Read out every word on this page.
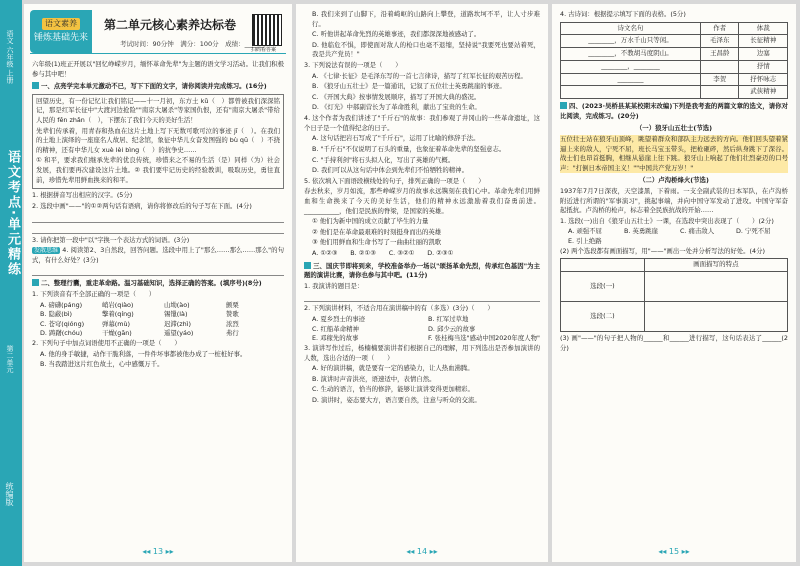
语文 六年级 上册
语文考点·单元精练
第二单元
统编版
语文素养
锤炼基础先来
第二单元核心素养达标卷
扫码看答案
考试时间：90分钟　满分：100分　成绩：______

六年级(1)班正开展以"回忆峥嵘岁月，缅怀革命先辈"为主题的语文学习活动。让我们积极参与其中吧！

一、点亮学完本单元激动不已，写下下面的文字，请你阅读并完成练习。(16分)

回望历史，有一份记忆让我们铭记——十一月初，东方土 kǔ（　）都曾被我们深深铭记，那是红军长征中"大渡河边抢险""南京大屠杀"等家国仇恨，还有"南京大屠杀"带给人民的 fěn zhǎn（　），下摆东了我们今天的美好生活！

先辈们传承着，用青春和热血在这片土地上写下无数可歌可泣的事迹 jī（　）。在我们的土地上演绎的一座座名人故居、纪念馆，象征中华儿女奋发图强的 bù qū（　）不挠的精神，还有中华儿女 xuè lèi bìng（　）的抗争史……

① 和平，要求我们继承先辈的优良传统，珍惜来之不易的生活（是）同样（为）社会发展，我们要再次建设这片土地。② 我们要牢记历史的经验教训，吸取历史，勇往直前，珍惜先辈用鲜血换来的和平。

1. 根据拼音写出相应的汉字。(5分)

2. 选段中画"——"的①②两句话有语病，请你将修改后的句子写在下面。(4分)

3. 请你把第一段中"以"字换一个表达方式的词语。(3分)

发散思维 4. 阅读第2、3自然段，回答问题。选段中用上了"那么……那么……那么"的句式，有什么好处？(3分)

二、整理行囊，重走革命路。温习基础知识，选择正确的答案。(填序号)(8分)

1. 下列读音有不全部正确的一项是（　　）

A. 磅礴(páng)	峭岩(qiào)	山坳(ào)	颤栗
B. 隐蔽(bì)	擎着(qíng)	锡镴(là)	赞歌
C. 苍穹(qióng)	弹幕(mù)	迟滞(zhì)	浓烈
D. 踌躇(chóu)	干燥(gān)	遥望(yáo)	弗行

2. 下列句子中加点词语使用不正确的一项是（　　）

A. 他的身手敏捷，动作干脆利落，一件件坏事都被他办成了一桩桩好事。

B. 当我踏进这片红色故土，心中感慨万千。

◂◂ 13 ▸▸

B. 我们来到了山脚下，沿着崎岖的山路向上攀登，道路坎坷不平，让人寸步难行。

C. 听他讲起革命先烈的英雄事迹，我们都深深地被感动了。

D. 他临危不惧，即使面对敌人的枪口也毫不退缩，坚持说"我要死也要站着死，我是共产党员！"

3. 下列说法有误的一项是（　　）

A. 《七律·长征》是毛泽东写的一首七言律诗，描写了红军长征的艰苦历程。

B. 《狼牙山五壮士》是一篇通讯，记叙了五位壮士英勇跳崖的事迹。

C. 《开国大典》按事情发展顺序，描写了开国大典的盛况。

D. 《灯光》中郝副营长为了革命胜利，献出了宝贵的生命。

4. 这个作者为我们讲述了"千斤石"的故事：我们参观了井冈山的一些革命遗址，这个日子是一个值得纪念的日子。

A. 这句话把岩石写成了"千斤石"，运用了比喻的修辞手法。

B. "千斤石"不仅说明了石头的重量，也象征着革命先辈的坚强意志。

C. "手持利剑"将石头拟人化，写出了英雄的气概。

D. 我们可以从这句话中体会到先辈们不怕牺牲的精神。

5. 依次填入下面语段横线处的句子，排列正确的一项是（　　）

春去秋来，岁月如流，那些峥嵘岁月的故事永远镌刻在我们心中。革命先辈们用鲜血和生命换来了今天的美好生活，他们的精神永远激励着我们奋勇前进。___________，他们是民族的脊梁，是国家的英雄。

① 他们为新中国的成立贡献了毕生的力量

② 他们是在革命最艰难的时刻挺身而出的英雄

③ 他们用鲜血和生命书写了一曲曲壮丽的凯歌

A. ①②③　　B. ②①③　　C. ③②①　　D. ②③①

三、国庆节即将到来，学校准备举办一场以"颂扬革命先烈，传承红色基因"为主题的演讲比赛，请你也参与其中吧。(11分)

1. 我演讲的题目是：

2. 下列演讲材料，不适合用在演讲稿中的有（多选）(3分)（　　）

A. 夏乡烈士的事迹	B. 红军过草地
C. 红船革命精神	D. 邱少云的故事
E. 邓稼先的故事	F. 张桂梅当选"感动中国2020年度人物"

3. 演讲写作过后，杨楠楠要演讲者们根据自己的理解，用下列选出是否参加演讲的人数，选出合适的一项（　　）

A. 好的演讲稿，就是要有一定的感染力，让人热血沸腾。

B. 演讲时声音洪亮，语速适中，表情自然。

C. 生动的语言，恰当的修辞，能够让演讲变得更加精彩。

D. 演讲时，姿态要大方，语言要自然，注意与听众的交流。

◂◂ 14 ▸▸

4. 古诗词：根据提示填写下面的表格。(5分)

诗文名句	作者	体裁
________，万水千山只等闲。	毛泽东	长征精神
________，不教胡马度阴山。	王昌龄	边塞
________，________		抒情
________	李贺	抒怀咏志
		武侠精神

四、(2023·吴桥县某某校期末改编)下列是我考查的两篇文章的选文，请你对比阅读，完成练习。(20分)

（一）狼牙山五壮士(节选)

五位壮士站在狼牙山顶峰，眺望着群众和部队主力远去的方向。他们回头望着紧逼上来的敌人，宁死不屈，班长马宝玉带头，把枪砸碎，然后纵身跳下了深谷。战士们也昂首挺胸，相继从悬崖上往下跳。狼牙山上响起了他们壮烈豪迈的口号声："打倒日本帝国主义！""中国共产党万岁！"

（二）卢沟桥烽火(节选)

1937年7月7日深夜，天空漆黑，下着雨。一支全副武装的日本军队，在卢沟桥附近进行所谓的"军事演习"，挑起事端，并向中国守军发动了进攻。中国守军奋起抵抗。卢沟桥的枪声，标志着全民族抗战的开始……

1. 选段(一)出自《狼牙山五壮士》一课，在选段中突出表现了（　　）(2分)

A. 顽强不屈	B. 英勇跳崖	C. 痛击敌人	D. 宁死不屈
E. 引上绝路

(2) 两个选段都有画面描写，用"——"画出一处并分析写法的好处。(4分)

	画面描写的特点
选段(一)	
选段(二)	

(3) 画"——"的句子把人物的______和______进行描写，这句话表达了______(2分)

◂◂ 15 ▸▸
